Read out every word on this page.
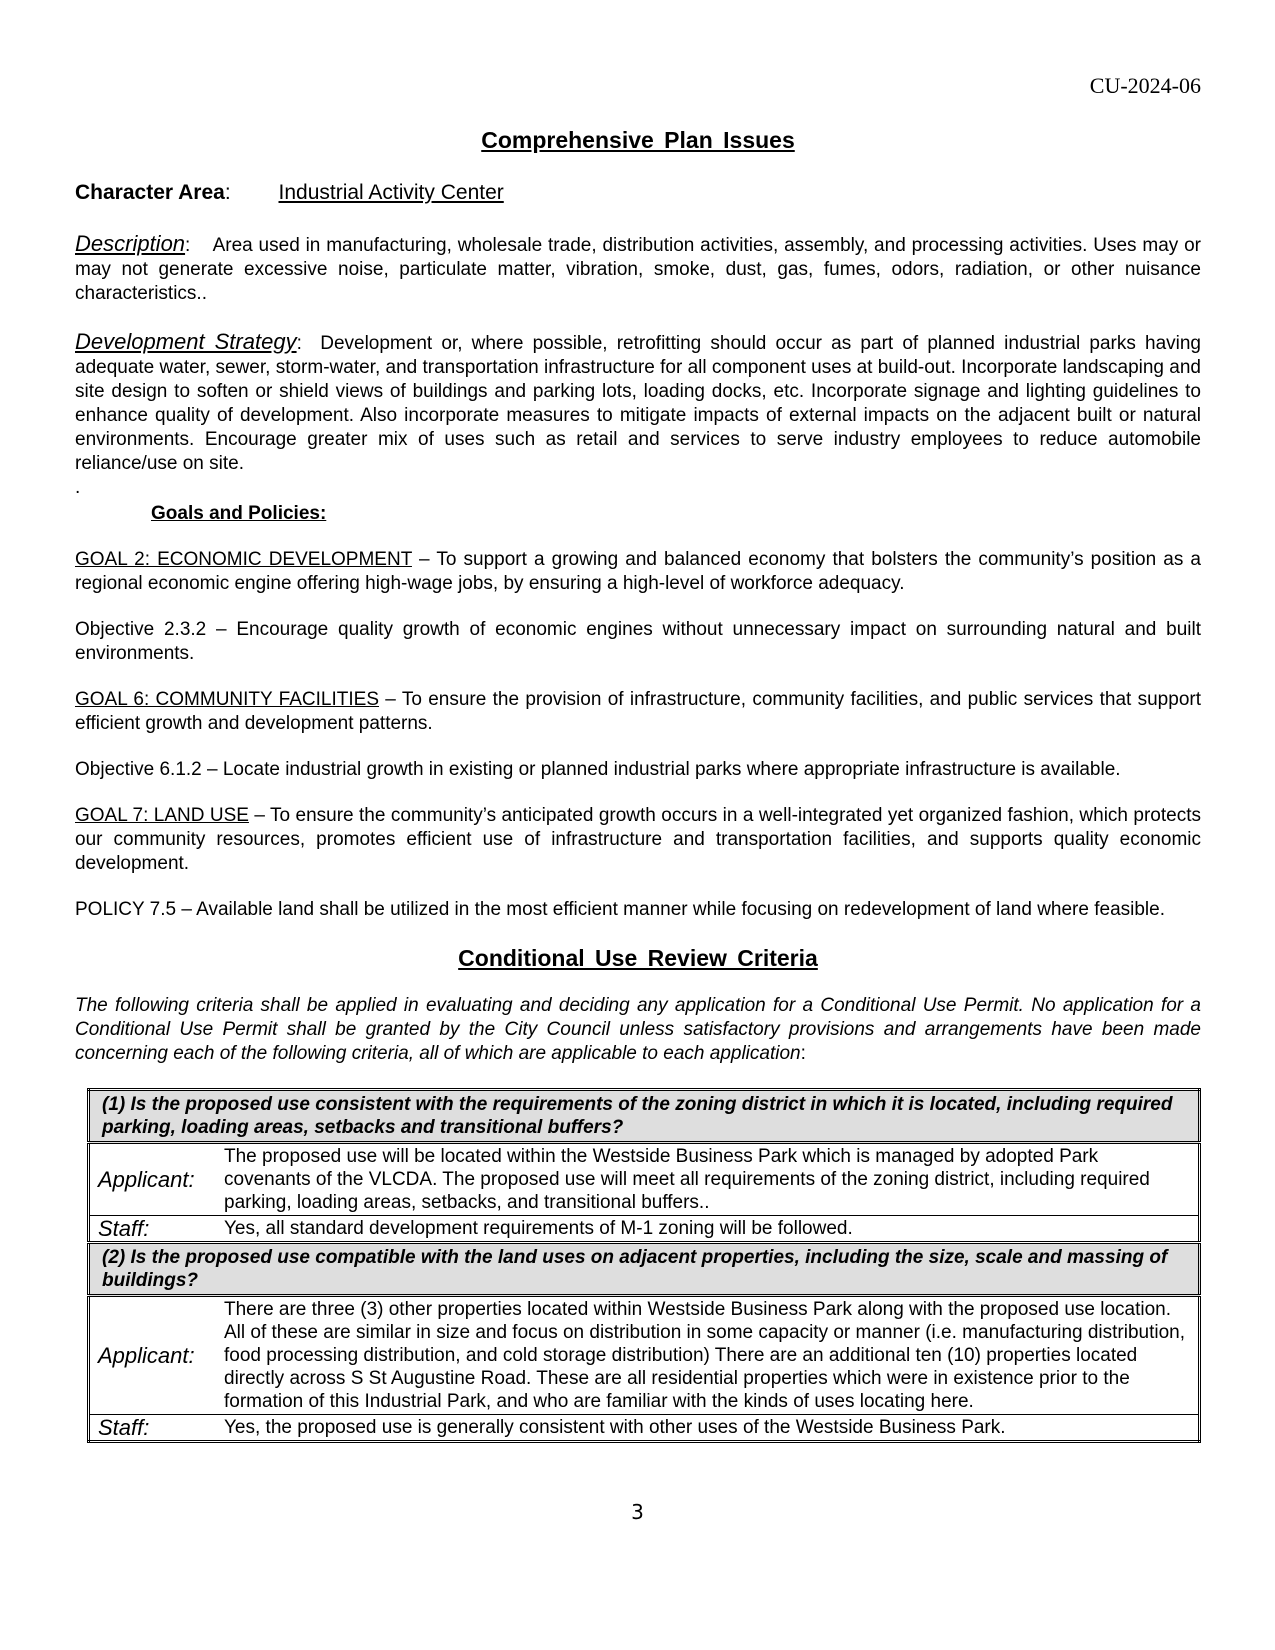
CU-2024-06
Comprehensive Plan Issues
Character Area: Industrial Activity Center

Description:    Area used in manufacturing, wholesale trade, distribution activities, assembly, and processing activities. Uses may or may not generate excessive noise, particulate matter, vibration, smoke, dust, gas, fumes, odors, radiation, or other nuisance characteristics..

Development Strategy:  Development or, where possible, retrofitting should occur as part of planned industrial parks having adequate water, sewer, storm-water, and transportation infrastructure for all component uses at build-out. Incorporate landscaping and site design to soften or shield views of buildings and parking lots, loading docks, etc. Incorporate signage and lighting guidelines to enhance quality of development. Also incorporate measures to mitigate impacts of external impacts on the adjacent built or natural environments. Encourage greater mix of uses such as retail and services to serve industry employees to reduce automobile reliance/use on site.

.

Goals and Policies:

GOAL 2: ECONOMIC DEVELOPMENT – To support a growing and balanced economy that bolsters the community’s position as a regional economic engine offering high-wage jobs, by ensuring a high-level of workforce adequacy.

Objective 2.3.2 – Encourage quality growth of economic engines without unnecessary impact on surrounding natural and built environments.

GOAL 6: COMMUNITY FACILITIES – To ensure the provision of infrastructure, community facilities, and public services that support efficient growth and development patterns.

Objective 6.1.2 – Locate industrial growth in existing or planned industrial parks where appropriate infrastructure is available.

GOAL 7: LAND USE – To ensure the community’s anticipated growth occurs in a well-integrated yet organized fashion, which protects our community resources, promotes efficient use of infrastructure and transportation facilities, and supports quality economic development.

POLICY 7.5 – Available land shall be utilized in the most efficient manner while focusing on redevelopment of land where feasible.

Conditional Use Review Criteria

The following criteria shall be applied in evaluating and deciding any application for a Conditional Use Permit. No application for a Conditional Use Permit shall be granted by the City Council unless satisfactory provisions and arrangements have been made concerning each of the following criteria, all of which are applicable to each application:

(1) Is the proposed use consistent with the requirements of the zoning district in which it is located, including required parking, loading areas, setbacks and transitional buffers?	
Applicant:	The proposed use will be located within the Westside Business Park which is managed by adopted Park covenants of the VLCDA. The proposed use will meet all requirements of the zoning district, including required parking, loading areas, setbacks, and transitional buffers..
Staff:	Yes, all standard development requirements of M-1 zoning will be followed.
(2) Is the proposed use compatible with the land uses on adjacent properties, including the size, scale and massing of buildings?	
Applicant:	There are three (3) other properties located within Westside Business Park along with the proposed use location. All of these are similar in size and focus on distribution in some capacity or manner (i.e. manufacturing distribution, food processing distribution, and cold storage distribution) There are an additional ten (10) properties located directly across S St Augustine Road. These are all residential properties which were in existence prior to the formation of this Industrial Park, and who are familiar with the kinds of uses locating here.
Staff:	Yes, the proposed use is generally consistent with other uses of the Westside Business Park.
3
